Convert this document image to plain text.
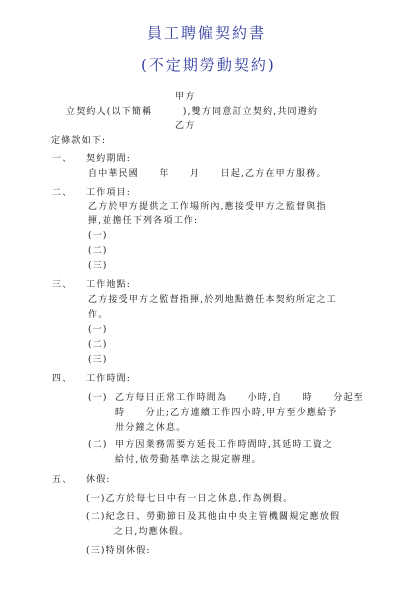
員工聘僱契約書
(不定期勞動契約)
甲方
立契約人(以下簡稱　　　),雙方同意訂立契約,共同遵約
乙方
定條款如下:
一、 契約期間:
自中華民國　　年　　月　　日起,乙方在甲方服務。
二、 工作項目:
乙方於甲方提供之工作場所內,應接受甲方之監督與指
揮,並擔任下列各項工作:
(一)
(二)
(三)
三、 工作地點:
乙方接受甲方之監督指揮,於列地點擔任本契約所定之工
作。
(一)
(二)
(三)
四、 工作時間:
(一) 乙方每日正常工作時間為　　小時,自　　時　　分起至
時　　分止;乙方連續工作四小時,甲方至少應給予
卅分鐘之休息。
(二) 甲方因業務需要方延長工作時間時,其延時工資之
給付,依勞動基準法之規定辦理。
五、 休假:
(一)乙方於每七日中有一日之休息,作為例假。
(二)紀念日、勞動節日及其他由中央主管機關規定應放假
之日,均應休假。
(三)特別休假:
